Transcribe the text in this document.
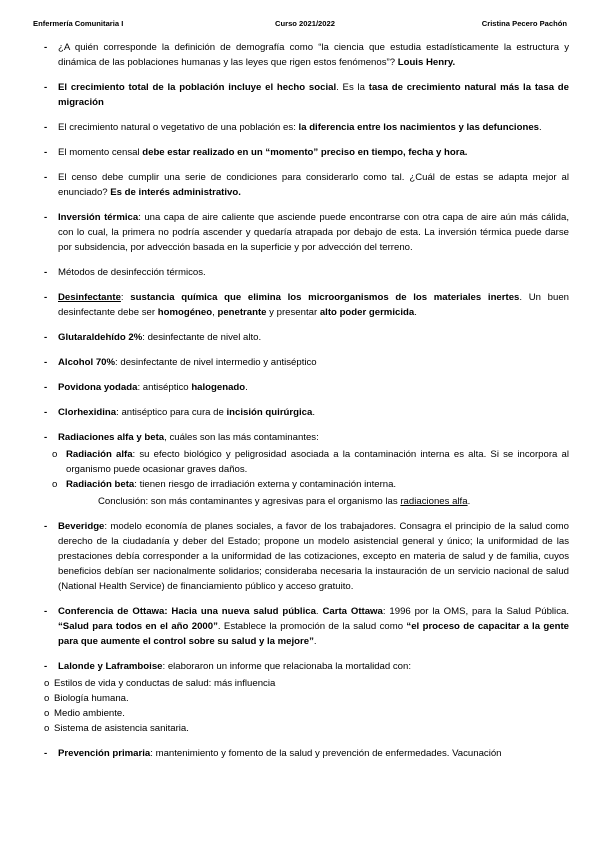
Enfermería Comunitaria I	Curso 2021/2022	Cristina Pecero Pachón
- ¿A quién corresponde la definición de demografía como “la ciencia que estudia estadísticamente la estructura y dinámica de las poblaciones humanas y las leyes que rigen estos fenómenos”? Louis Henry.

- El crecimiento total de la población incluye el hecho social. Es la tasa de crecimiento natural más la tasa de migración

- El crecimiento natural o vegetativo de una población es: la diferencia entre los nacimientos y las defunciones.

- El momento censal debe estar realizado en un “momento” preciso en tiempo, fecha y hora.

- El censo debe cumplir una serie de condiciones para considerarlo como tal. ¿Cuál de estas se adapta mejor al enunciado? Es de interés administrativo.

- Inversión térmica: una capa de aire caliente que asciende puede encontrarse con otra capa de aire aún más cálida, con lo cual, la primera no podría ascender y quedaría atrapada por debajo de esta. La inversión térmica puede darse por subsidencia, por advección basada en la superficie y por advección del terreno.

- Métodos de desinfección térmicos.

- Desinfectante: sustancia química que elimina los microorganismos de los materiales inertes. Un buen desinfectante debe ser homogéneo, penetrante y presentar alto poder germicida.

- Glutaraldehído 2%: desinfectante de nivel alto.

- Alcohol 70%: desinfectante de nivel intermedio y antiséptico

- Povidona yodada: antiséptico halogenado.

- Clorhexidina: antiséptico para cura de incisión quirúrgica.

- Radiaciones alfa y beta, cuáles son las más contaminantes:

o Radiación alfa: su efecto biológico y peligrosidad asociada a la contaminación interna es alta. Si se incorpora al organismo puede ocasionar graves daños.
o Radiación beta: tienen riesgo de irradiación externa y contaminación interna.
Conclusión: son más contaminantes y agresivas para el organismo las radiaciones alfa.
- Beveridge: modelo economía de planes sociales, a favor de los trabajadores. Consagra el principio de la salud como derecho de la ciudadanía y deber del Estado; propone un modelo asistencial general y único; la uniformidad de las prestaciones debía corresponder a la uniformidad de las cotizaciones, excepto en materia de salud y de familia, cuyos beneficios debían ser nacionalmente solidarios; consideraba necesaria la instauración de un servicio nacional de salud (National Health Service) de financiamiento público y acceso gratuito.

- Conferencia de Ottawa: Hacia una nueva salud pública. Carta Ottawa: 1996 por la OMS, para la Salud Pública. “Salud para todos en el año 2000”. Establece la promoción de la salud como “el proceso de capacitar a la gente para que aumente el control sobre su salud y la mejore”.

- Lalonde y Laframboise: elaboraron un informe que relacionaba la mortalidad con:

o Estilos de vida y conductas de salud: más influencia
o Biología humana.
o Medio ambiente.
o Sistema de asistencia sanitaria.
- Prevención primaria: mantenimiento y fomento de la salud y prevención de enfermedades. Vacunación
